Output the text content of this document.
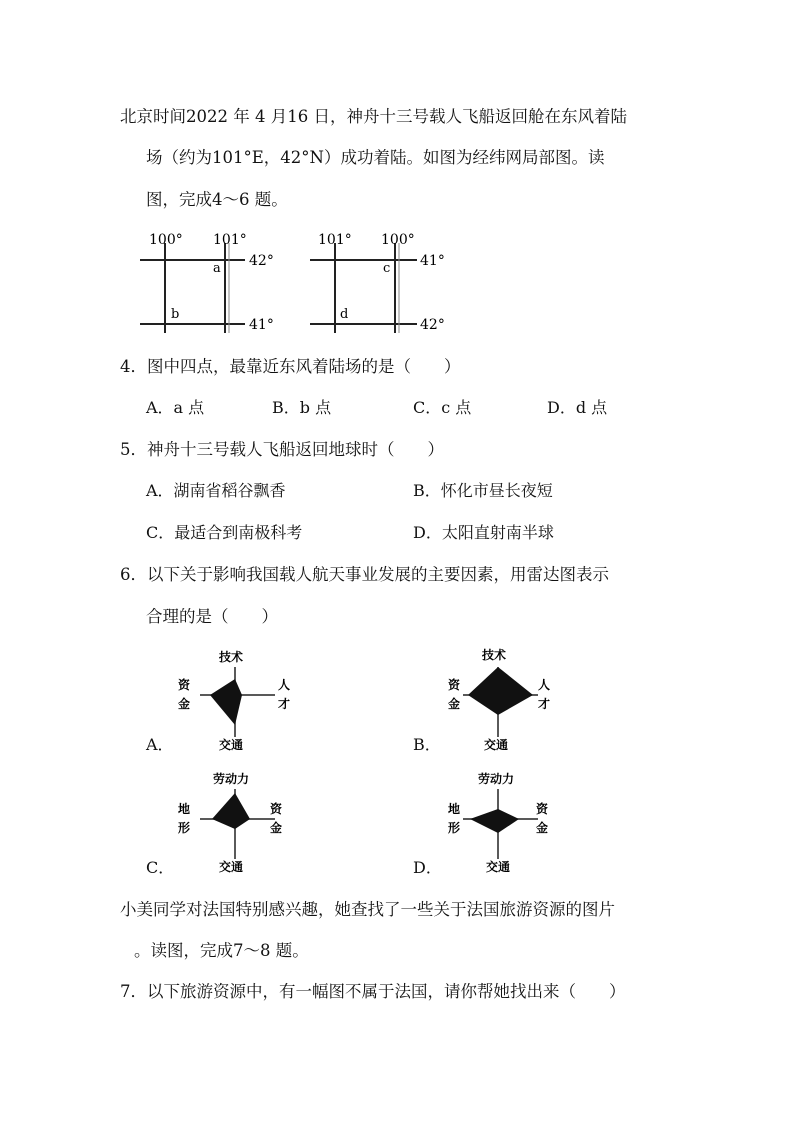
北京时间2022 年 4 月16 日，神舟十三号载人飞船返回舱在东风着陆
场（约为101°E，42°N）成功着陆。如图为经纬网局部图。读
图，完成4～6 题。
100° 101°
42°
41°
a
b
101° 100°
41°
42°
c
d
4．图中四点，最靠近东风着陆场的是（　　）
A．a 点	B．b 点	C．c 点	D．d 点
5．神舟十三号载人飞船返回地球时（　　）
A．湖南省稻谷飘香	B．怀化市昼长夜短
C．最适合到南极科考	D．太阳直射南半球
6．以下关于影响我国载人航天事业发展的主要因素，用雷达图表示
合理的是（　　）
A．
技术
资
金
人
才
交通	B．
技术
资
金
人
才
交通
C．
劳动力
地
形
资
金
交通	D．
劳动力
地
形
资
金
交通
小美同学对法国特别感兴趣，她查找了一些关于法国旅游资源的图片
。读图，完成7～8 题。
7．以下旅游资源中，有一幅图不属于法国，请你帮她找出来（　　）
